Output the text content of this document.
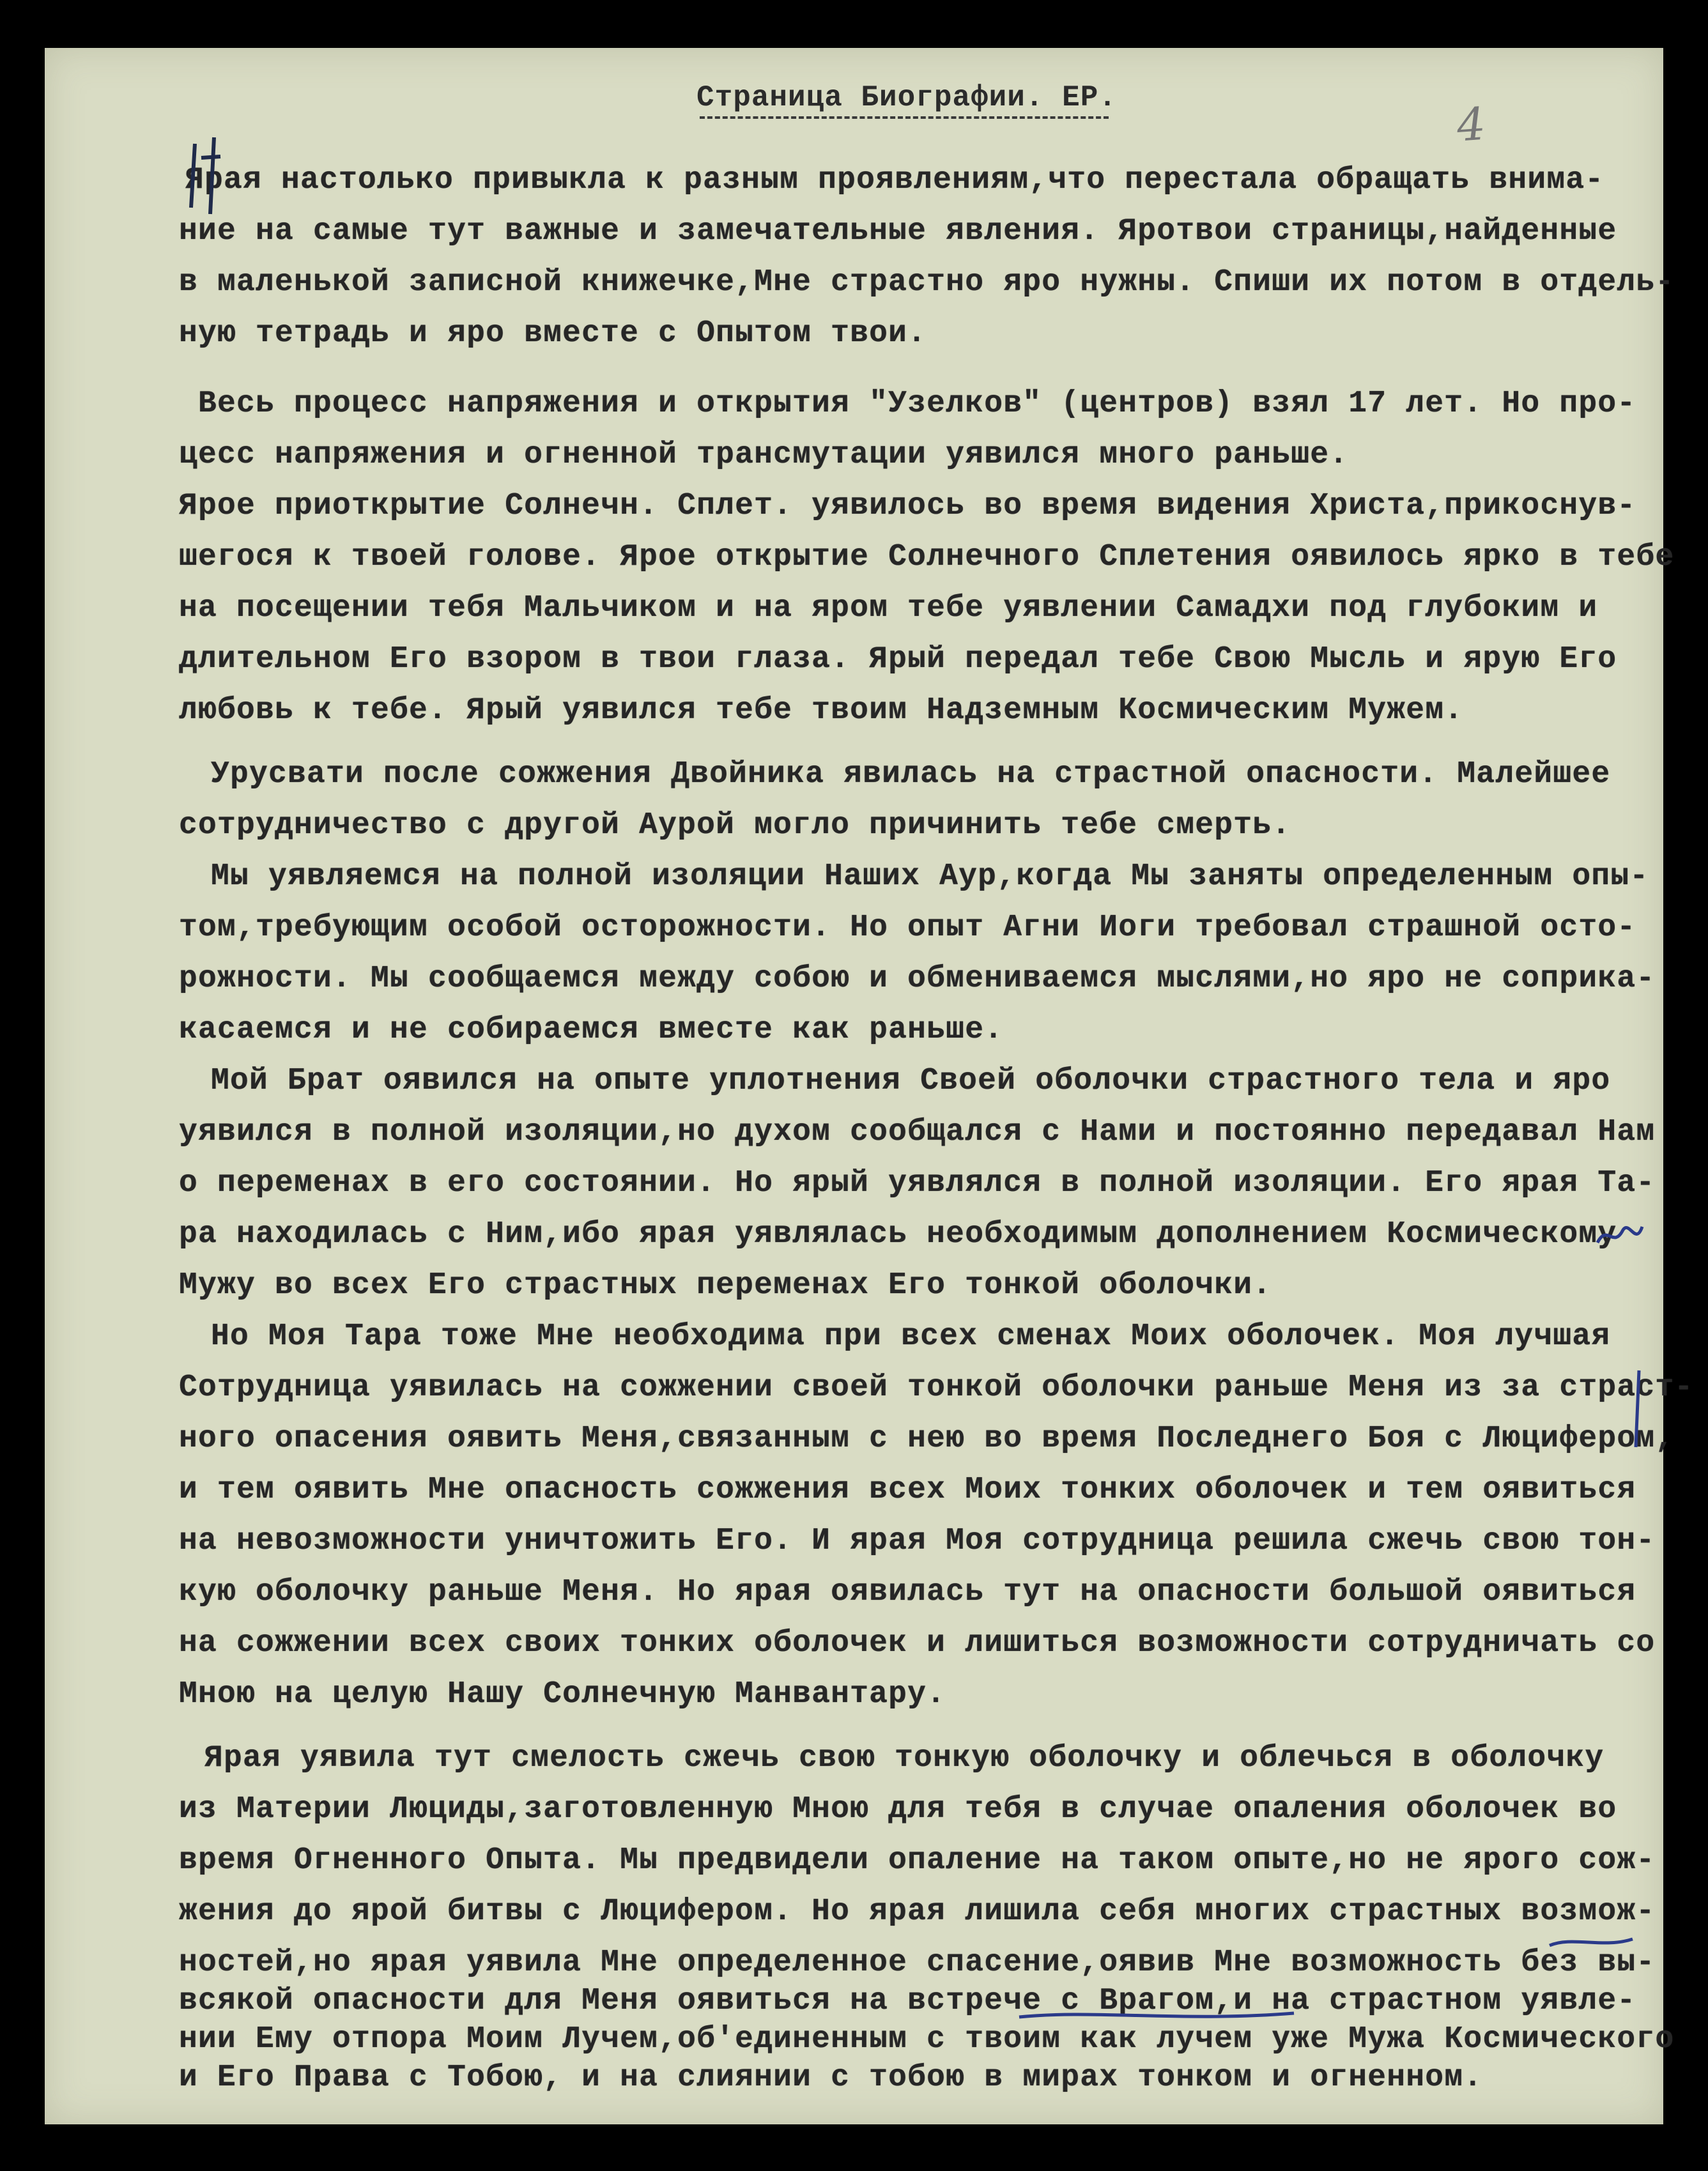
Страница Биографии. ЕР.	4
Ярая настолько привыкла к разным проявлениям,что перестала обращать внима-
ние на самые тут важные и замечательные явления. Яротвои страницы,найденные
в маленькой записной книжечке,Мне страстно яро нужны. Спиши их потом в отдель-
ную тетрадь и яро вместе с Опытом твои.
Весь процесс напряжения и открытия "Узелков" (центров) взял 17 лет. Но про-
цесс напряжения и огненной трансмутации уявился много раньше.
Ярое приоткрытие Солнечн. Сплет. уявилось во время видения Христа,прикоснув-
шегося к твоей голове. Ярое открытие Солнечного Сплетения оявилось ярко в тебе
на посещении тебя Мальчиком и на яром тебе уявлении Самадхи под глубоким и
длительном Его взором в твои глаза. Ярый передал тебе Свою Мысль и ярую Его
любовь к тебе. Ярый уявился тебе твоим Надземным Космическим Мужем.
Урусвати после сожжения Двойника явилась на страстной опасности. Малейшее
сотрудничество с другой Аурой могло причинить тебе смерть.
Мы уявляемся на полной изоляции Наших Аур,когда Мы заняты определенным опы-
том,требующим особой осторожности. Но опыт Агни Иоги требовал страшной осто-
рожности. Мы сообщаемся между собою и обмениваемся мыслями,но яро не соприка-
касаемся и не собираемся вместе как раньше.
Мой Брат оявился на опыте уплотнения Своей оболочки страстного тела и яро
уявился в полной изоляции,но духом сообщался с Нами и постоянно передавал Нам
о переменах в его состоянии. Но ярый уявлялся в полной изоляции. Его ярая Та-
ра находилась с Ним,ибо ярая уявлялась необходимым дополнением Космическому
Мужу во всех Его страстных переменах Его тонкой оболочки.
Но Моя Тара тоже Мне необходима при всех сменах Моих оболочек. Моя лучшая
Сотрудница уявилась на сожжении своей тонкой оболочки раньше Меня из за страст-
ного опасения оявить Меня,связанным с нею во время Последнего Боя с Люцифером,
и тем оявить Мне опасность сожжения всех Моих тонких оболочек и тем оявиться
на невозможности уничтожить Его. И ярая Моя сотрудница решила сжечь свою тон-
кую оболочку раньше Меня. Но ярая оявилась тут на опасности большой оявиться
на сожжении всех своих тонких оболочек и лишиться возможности сотрудничать со
Мною на целую Нашу Солнечную Манвантару.
Ярая уявила тут смелость сжечь свою тонкую оболочку и облечься в оболочку
из Материи Люциды,заготовленную Мною для тебя в случае опаления оболочек во
время Огненного Опыта. Мы предвидели опаление на таком опыте,но не ярого сож-
жения до ярой битвы с Люцифером. Но ярая лишила себя многих страстных возмож-
ностей,но ярая уявила Мне определенное спасение,оявив Мне возможность без вы-
всякой опасности для Меня оявиться на встрече с Врагом,и на страстном уявле-
нии Ему отпора Моим Лучем,об'единенным с твоим как лучем уже Мужа Космического
и Его Права с Тобою, и на слиянии с тобою в мирах тонком и огненном.
